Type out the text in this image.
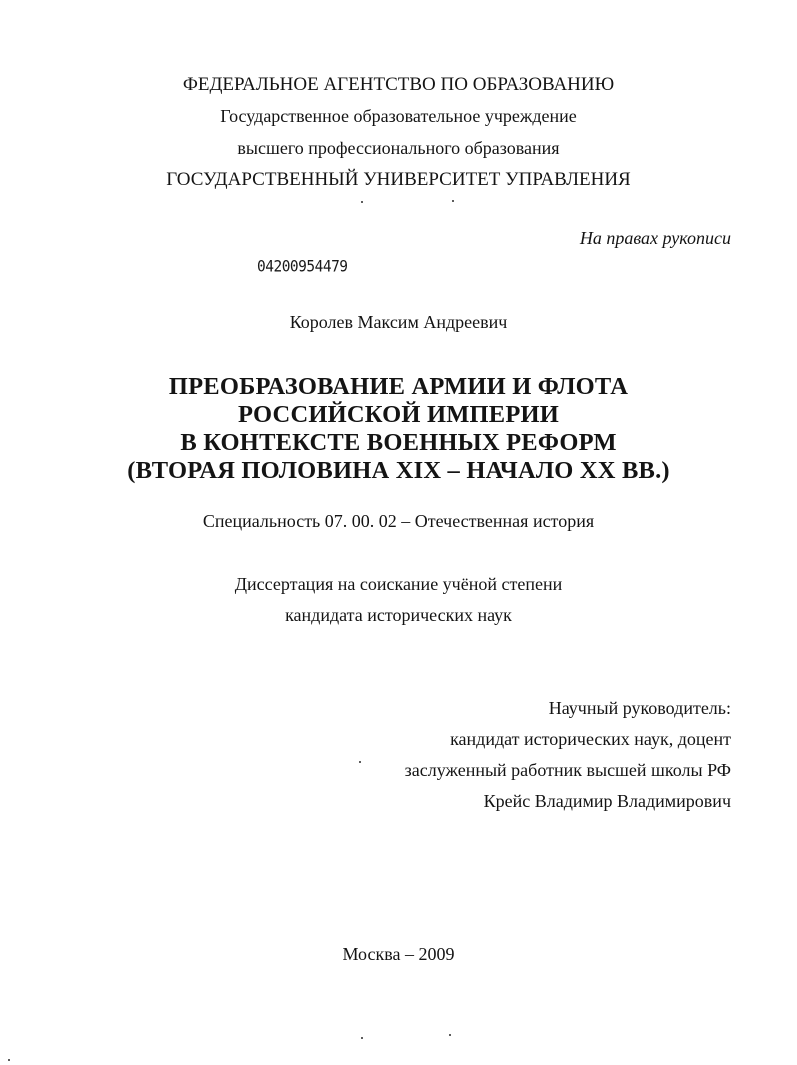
ФЕДЕРАЛЬНОЕ АГЕНТСТВО ПО ОБРАЗОВАНИЮ
Государственное образовательное учреждение
высшего профессионального образования
ГОСУДАРСТВЕННЫЙ УНИВЕРСИТЕТ УПРАВЛЕНИЯ
На правах рукописи
04200954479
Королев Максим Андреевич
ПРЕОБРАЗОВАНИЕ АРМИИ И ФЛОТА
РОССИЙСКОЙ ИМПЕРИИ
В КОНТЕКСТЕ ВОЕННЫХ РЕФОРМ
(ВТОРАЯ ПОЛОВИНА XIX – НАЧАЛО XX ВВ.)
Специальность 07. 00. 02 – Отечественная история
Диссертация на соискание учёной степени
кандидата исторических наук
Научный руководитель:
кандидат исторических наук, доцент
заслуженный работник высшей школы РФ
Крейс Владимир Владимирович
Москва – 2009
